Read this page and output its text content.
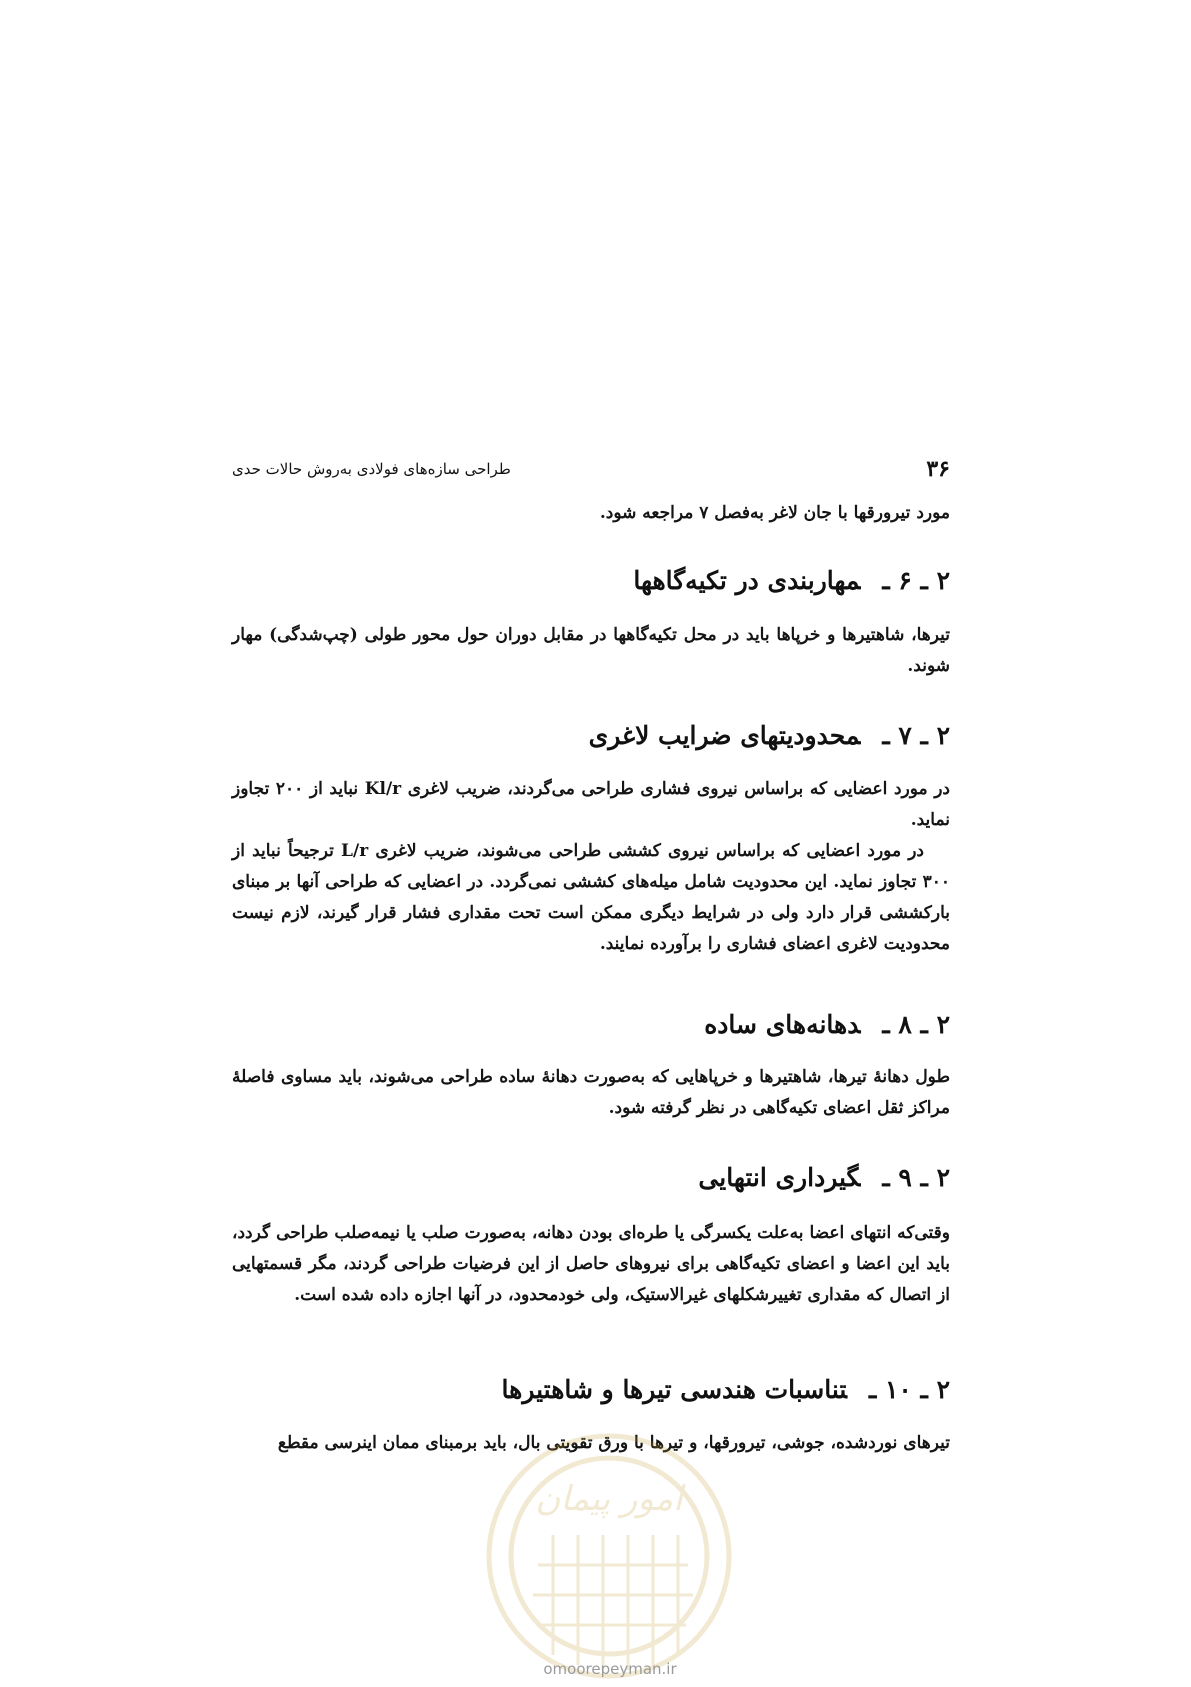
۳۶
طراحی سازه‌های فولادی به‌روش حالات حدی
مورد تیرورقها با جان لاغر به‌فصل ۷ مراجعه شود.
۲ ـ ۶ ـمهاربندی در تکیه‌گاهها
تیرها، شاهتیرها و خرپاها باید در محل تکیه‌گاهها در مقابل دوران حول محور طولی (چپ‌شدگی) مهار شوند.
۲ ـ ۷ ـمحدودیتهای ضرایب لاغری
در مورد اعضایی که براساس نیروی فشاری طراحی می‌گردند، ضریب لاغری Kl/r نباید از ۲۰۰ تجاوز نماید.
در مورد اعضایی که براساس نیروی کششی طراحی می‌شوند، ضریب لاغری L/r ترجیحاً نباید از ۳۰۰ تجاوز نماید. این محدودیت شامل میله‌های کششی نمی‌گردد. در اعضایی که طراحی آنها بر مبنای بارکششی قرار دارد ولی در شرایط دیگری ممکن است تحت مقداری فشار قرار گیرند، لازم نیست محدودیت لاغری اعضای فشاری را برآورده نمایند.
۲ ـ ۸ ـدهانه‌های ساده
طول دهانهٔ تیرها، شاهتیرها و خرپاهایی که به‌صورت دهانهٔ ساده طراحی می‌شوند، باید مساوی فاصلهٔ مراکز ثقل اعضای تکیه‌گاهی در نظر گرفته شود.
۲ ـ ۹ ـگیرداری انتهایی
وقتی‌که انتهای اعضا به‌علت یکسرگی یا طره‌ای بودن دهانه، به‌صورت صلب یا نیمه‌صلب طراحی گردد، باید این اعضا و اعضای تکیه‌گاهی برای نیروهای حاصل از این فرضیات طراحی گردند، مگر قسمتهایی از اتصال که مقداری تغییرشکلهای غیرالاستیک، ولی خودمحدود، در آنها اجازه داده شده است.
۲ ـ ۱۰ ـتناسبات هندسی تیرها و شاهتیرها
تیرهای نوردشده، جوشی، تیرورقها، و تیرها با ورق تقویتی بال، باید برمبنای ممان اینرسی مقطع
امور پیمان
omoorepeyman.ir
